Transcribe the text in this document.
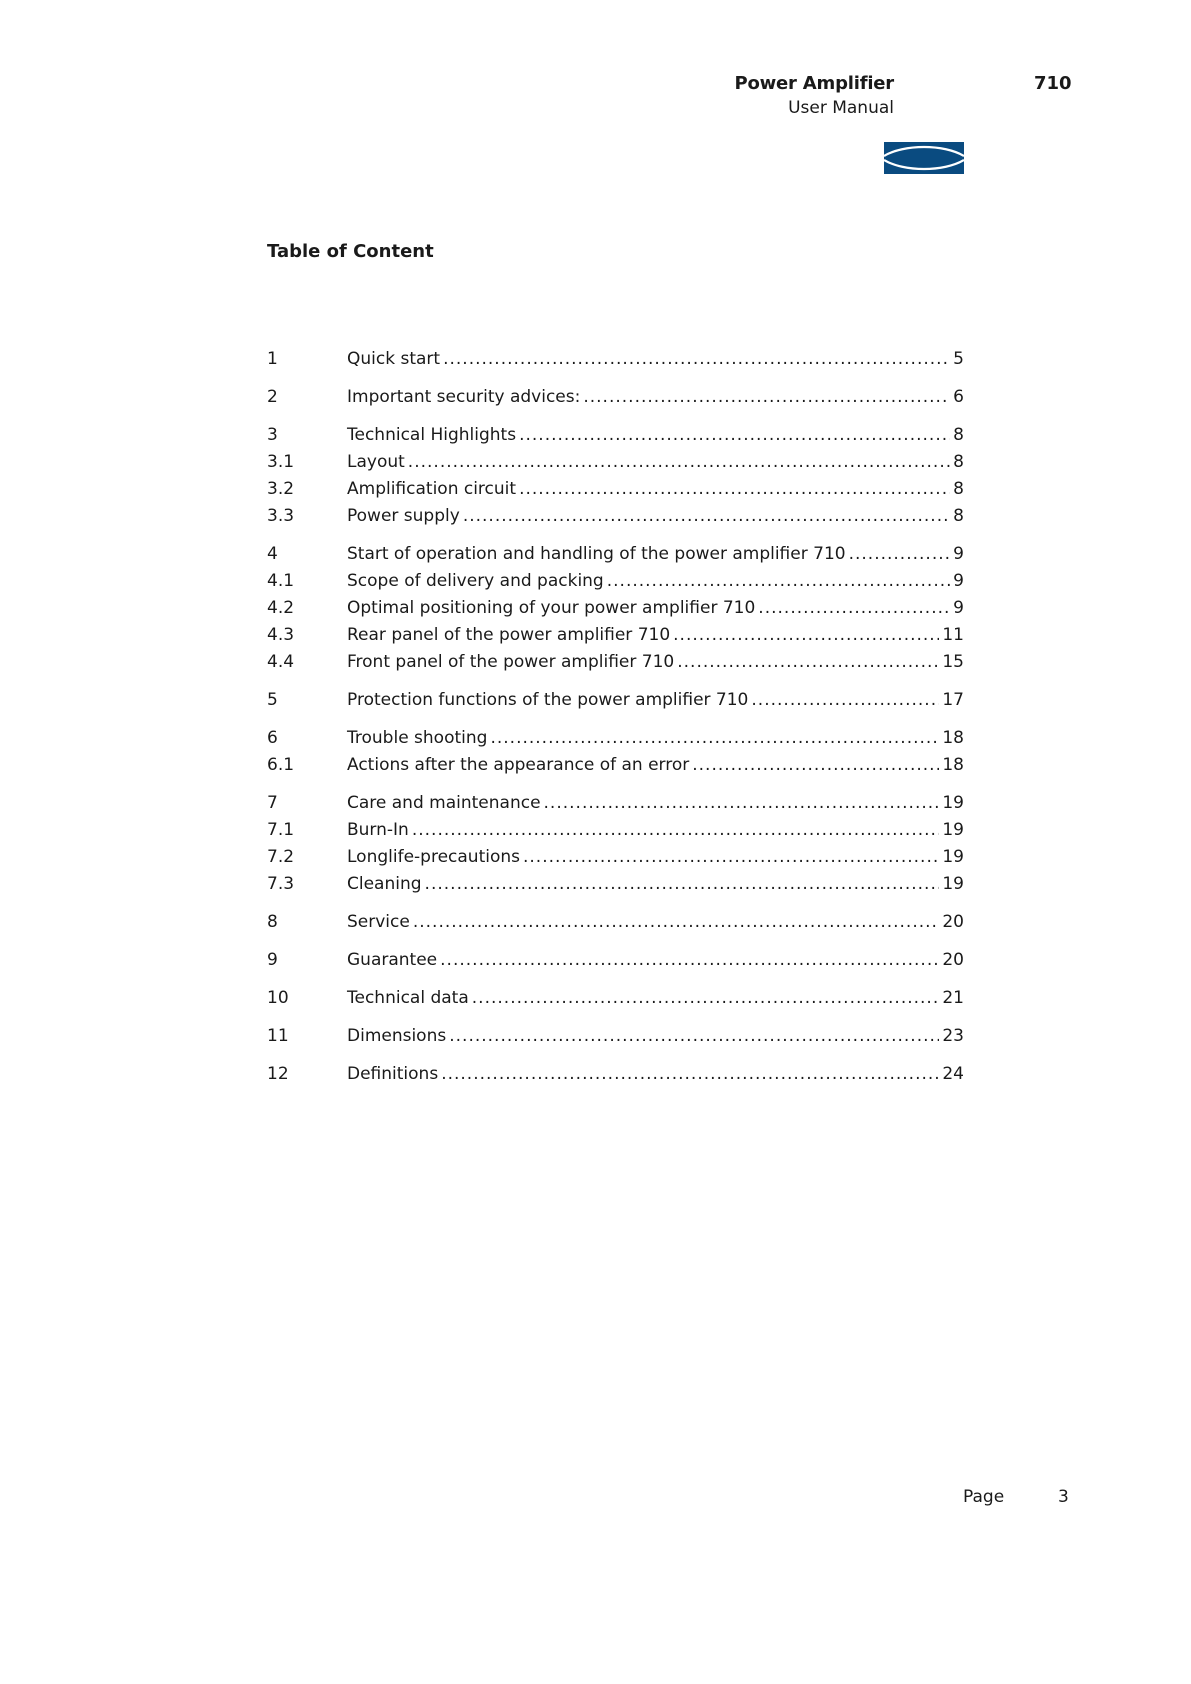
Power Amplifier	710
User Manual
Table of Content
1	Quick start .....	5
2	Important security advices: .....	6
3	Technical Highlights .....	8
3.1	Layout .....	8
3.2	Amplification circuit .....	8
3.3	Power supply .....	8
4	Start of operation and handling of the power amplifier 710 .....	9
4.1	Scope of delivery and packing .....	9
4.2	Optimal positioning of your power amplifier 710 .....	9
4.3	Rear panel of the power amplifier 710 .....	11
4.4	Front panel of the power amplifier 710 .....	15
5	Protection functions of the power amplifier 710 .....	17
6	Trouble shooting .....	18
6.1	Actions after the appearance of an error .....	18
7	Care and maintenance .....	19
7.1	Burn-In .....	19
7.2	Longlife-precautions .....	19
7.3	Cleaning .....	19
8	Service .....	20
9	Guarantee .....	20
10	Technical data .....	21
11	Dimensions .....	23
12	Definitions .....	24
Page	3
